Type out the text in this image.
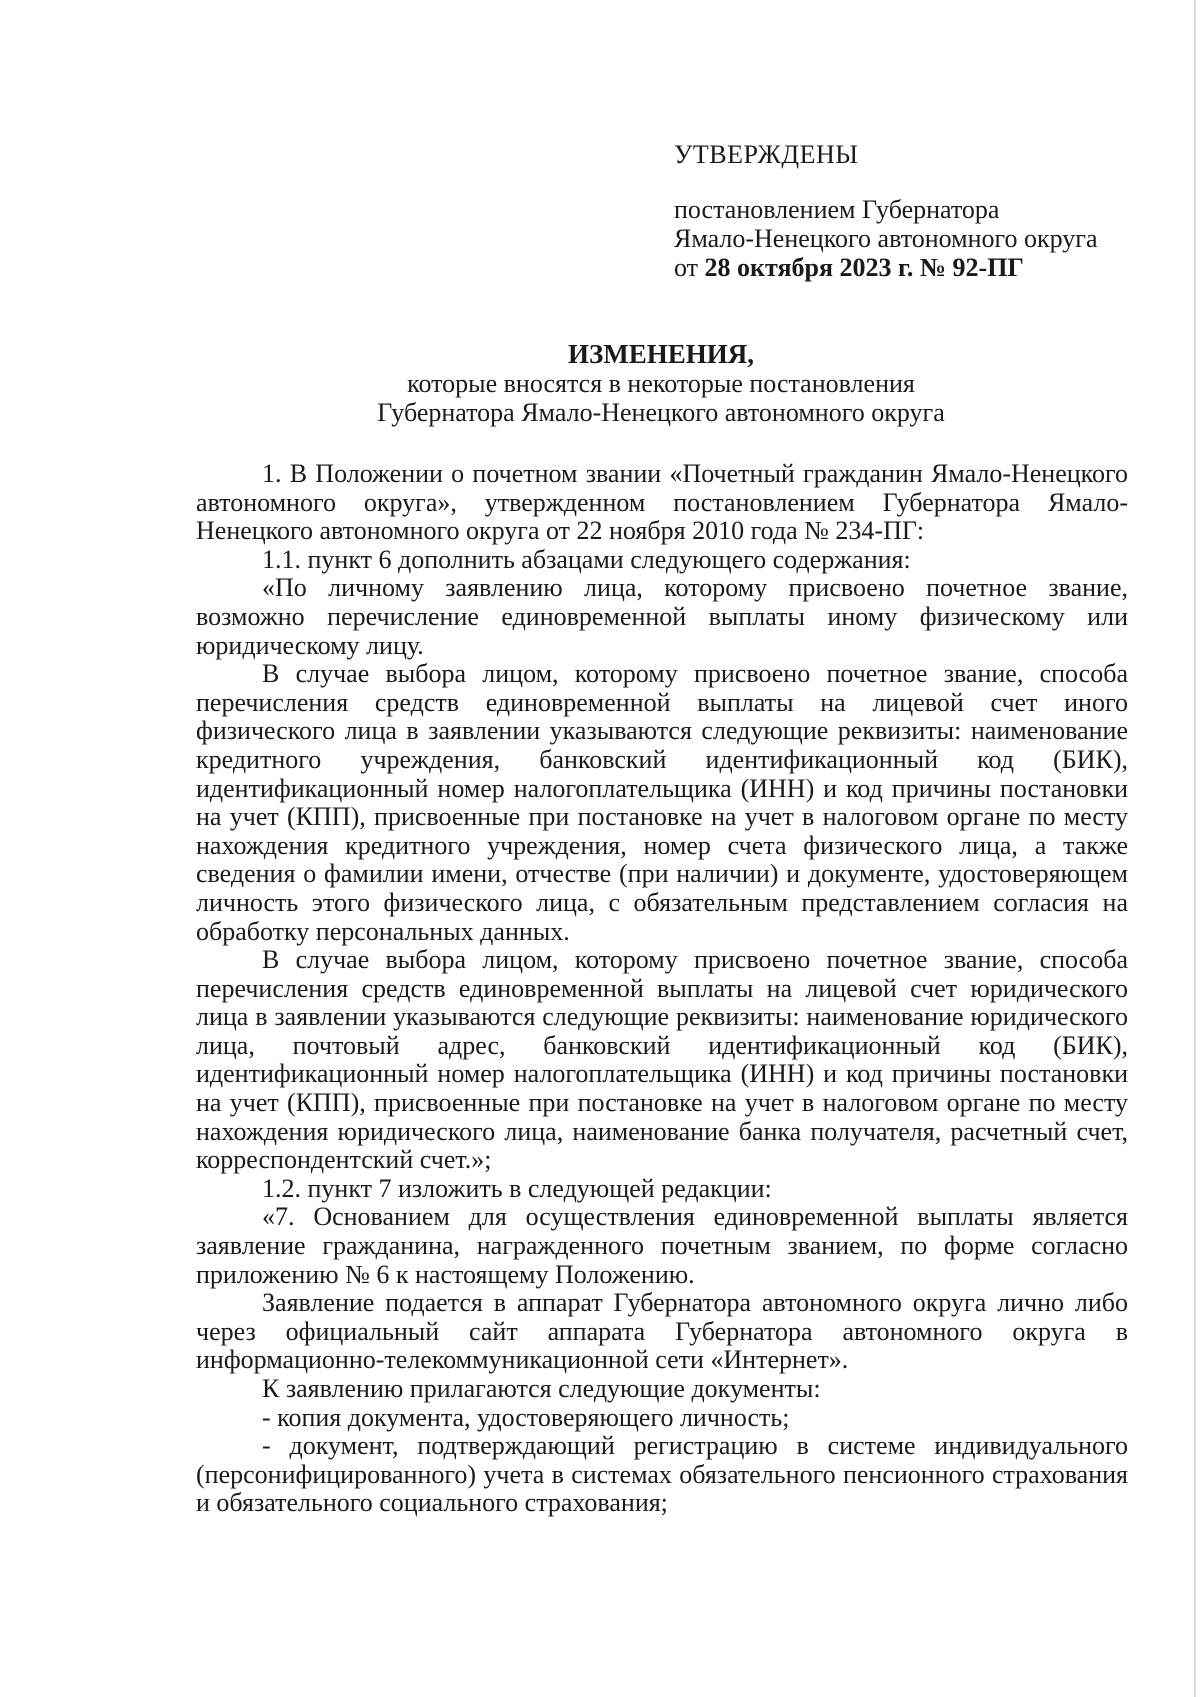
УТВЕРЖДЕНЫ
постановлением Губернатора
Ямало-Ненецкого автономного округа
от 28 октября 2023 г. № 92-ПГ
ИЗМЕНЕНИЯ,
которые вносятся в некоторые постановления
Губернатора Ямало-Ненецкого автономного округа

1. В Положении о почетном звании «Почетный гражданин Ямало-Ненецкого автономного округа», утвержденном постановлением Губернатора Ямало-Ненецкого автономного округа от 22 ноября 2010 года № 234-ПГ:

1.1. пункт 6 дополнить абзацами следующего содержания:

«По личному заявлению лица, которому присвоено почетное звание, возможно перечисление единовременной выплаты иному физическому или юридическому лицу.

В случае выбора лицом, которому присвоено почетное звание, способа перечисления средств единовременной выплаты на лицевой счет иного физического лица в заявлении указываются следующие реквизиты: наименование кредитного учреждения, банковский идентификационный код (БИК), идентификационный номер налогоплательщика (ИНН) и код причины постановки на учет (КПП), присвоенные при постановке на учет в налоговом органе по месту нахождения кредитного учреждения, номер счета физического лица, а также сведения о фамилии имени, отчестве (при наличии) и документе, удостоверяющем личность этого физического лица, с обязательным представлением согласия на обработку персональных данных.

В случае выбора лицом, которому присвоено почетное звание, способа перечисления средств единовременной выплаты на лицевой счет юридического лица в заявлении указываются следующие реквизиты: наименование юридического лица, почтовый адрес, банковский идентификационный код (БИК), идентификационный номер налогоплательщика (ИНН) и код причины постановки на учет (КПП), присвоенные при постановке на учет в налоговом органе по месту нахождения юридического лица, наименование банка получателя, расчетный счет, корреспондентский счет.»;

1.2. пункт 7 изложить в следующей редакции:

«7. Основанием для осуществления единовременной выплаты является заявление гражданина, награжденного почетным званием, по форме согласно приложению № 6 к настоящему Положению.

Заявление подается в аппарат Губернатора автономного округа лично либо через официальный сайт аппарата Губернатора автономного округа в информационно-телекоммуникационной сети «Интернет».

К заявлению прилагаются следующие документы:

- копия документа, удостоверяющего личность;

- документ, подтверждающий регистрацию в системе индивидуального (персонифицированного) учета в системах обязательного пенсионного страхования и обязательного социального страхования;
